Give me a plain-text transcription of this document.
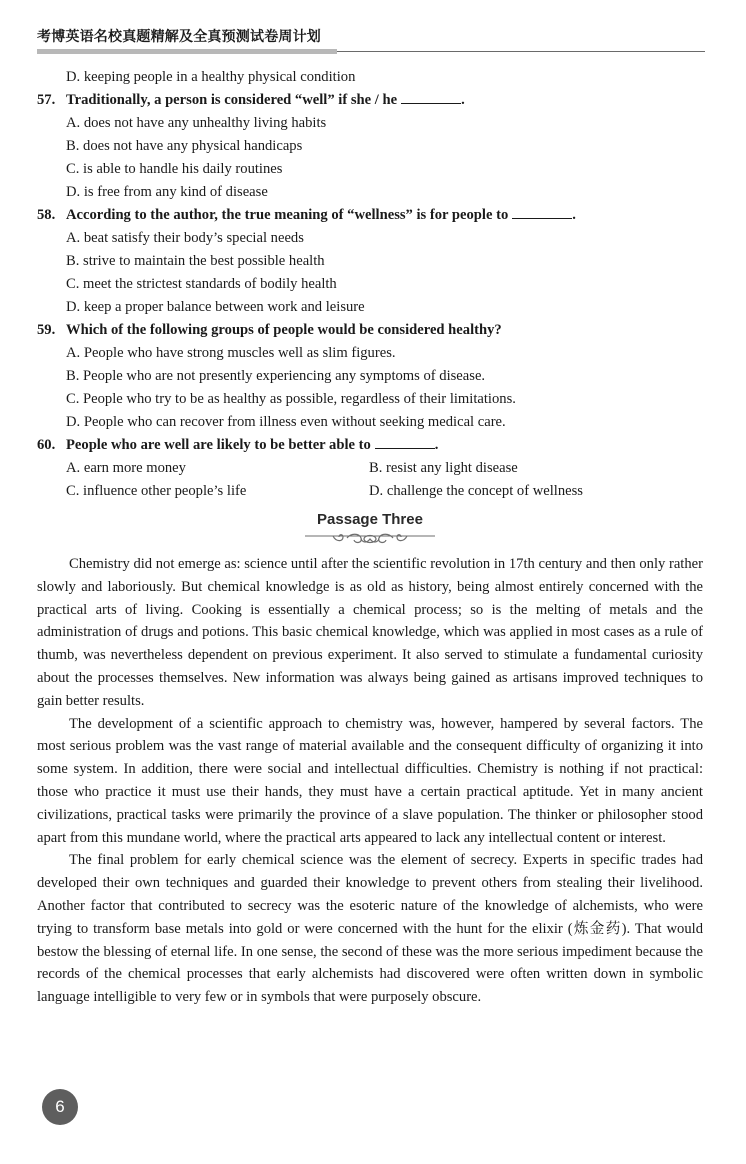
考博英语名校真题精解及全真预测试卷周计划
D. keeping people in a healthy physical condition
57. Traditionally, a person is considered “well” if she / he	.
A. does not have any unhealthy living habits
B. does not have any physical handicaps
C. is able to handle his daily routines
D. is free from any kind of disease
58. According to the author, the true meaning of “wellness” is for people to	.
A. beat satisfy their body’s special needs
B. strive to maintain the best possible health
C. meet the strictest standards of bodily health
D. keep a proper balance between work and leisure
59. Which of the following groups of people would be considered healthy?
A. People who have strong muscles well as slim figures.
B. People who are not presently experiencing any symptoms of disease.
C. People who try to be as healthy as possible, regardless of their limitations.
D. People who can recover from illness even without seeking medical care.
60. People who are well are likely to be better able to	.
A. earn more money	B. resist any light disease
C. influence other people’s life	D. challenge the concept of wellness
Passage Three

Chemistry did not emerge as: science until after the scientific revolution in 17th century and then only rather slowly and laboriously. But chemical knowledge is as old as history, being almost entirely concerned with the practical arts of living. Cooking is essentially a chemical process; so is the melting of metals and the administration of drugs and potions. This basic chemical knowledge, which was applied in most cases as a rule of thumb, was nevertheless dependent on previous experiment. It also served to stimulate a fundamental curiosity about the processes themselves. New information was always being gained as artisans improved techniques to gain better results.

The development of a scientific approach to chemistry was, however, hampered by several factors. The most serious problem was the vast range of material available and the consequent difficulty of organizing it into some system. In addition, there were social and intellectual difficulties. Chemistry is nothing if not practical: those who practice it must use their hands, they must have a certain practical aptitude. Yet in many ancient civilizations, practical tasks were primarily the province of a slave population. The thinker or philosopher stood apart from this mundane world, where the practical arts appeared to lack any intellectual content or interest.

The final problem for early chemical science was the element of secrecy. Experts in specific trades had developed their own techniques and guarded their knowledge to prevent others from stealing their livelihood. Another factor that contributed to secrecy was the esoteric nature of the knowledge of alchemists, who were trying to transform base metals into gold or were concerned with the hunt for the elixir (炼金药). That would bestow the blessing of eternal life. In one sense, the second of these was the more serious impediment because the records of the chemical processes that early alchemists had discovered were often written down in symbolic language intelligible to very few or in symbols that were purposely obscure.

6
